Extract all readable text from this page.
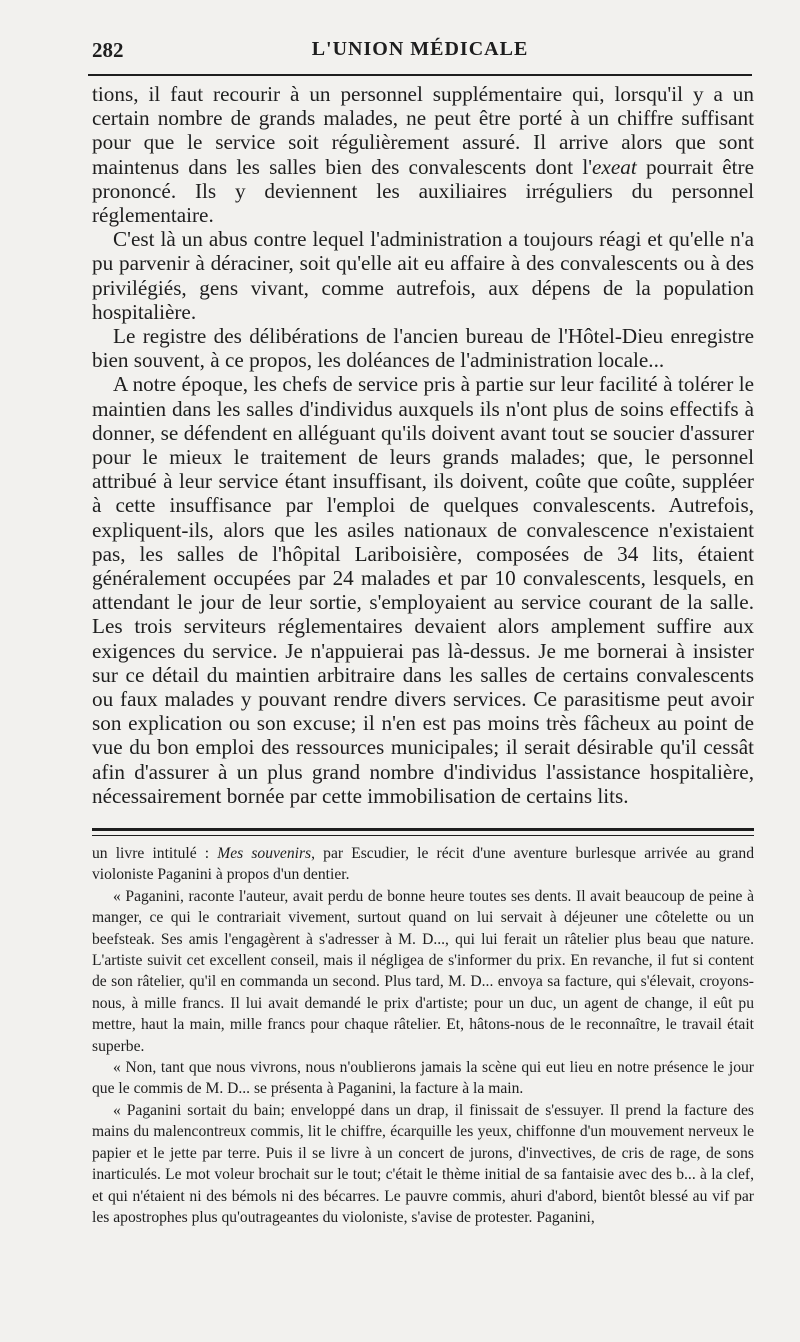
282	L'UNION MÉDICALE

tions, il faut recourir à un personnel supplémentaire qui, lorsqu'il y a un certain nombre de grands malades, ne peut être porté à un chiffre suffisant pour que le service soit régulièrement assuré. Il arrive alors que sont maintenus dans les salles bien des convalescents dont l'exeat pourrait être prononcé. Ils y deviennent les auxiliaires irréguliers du personnel réglementaire.

C'est là un abus contre lequel l'administration a toujours réagi et qu'elle n'a pu parvenir à déraciner, soit qu'elle ait eu affaire à des convalescents ou à des privilégiés, gens vivant, comme autrefois, aux dépens de la population hospitalière.

Le registre des délibérations de l'ancien bureau de l'Hôtel-Dieu enregistre bien souvent, à ce propos, les doléances de l'administration locale...

A notre époque, les chefs de service pris à partie sur leur facilité à tolérer le maintien dans les salles d'individus auxquels ils n'ont plus de soins effectifs à donner, se défendent en alléguant qu'ils doivent avant tout se soucier d'assurer pour le mieux le traitement de leurs grands malades; que, le personnel attribué à leur service étant insuffisant, ils doivent, coûte que coûte, suppléer à cette insuffisance par l'emploi de quelques convalescents. Autrefois, expliquent-ils, alors que les asiles nationaux de convalescence n'existaient pas, les salles de l'hôpital Lariboisière, composées de 34 lits, étaient généralement occupées par 24 malades et par 10 convalescents, lesquels, en attendant le jour de leur sortie, s'employaient au service courant de la salle. Les trois serviteurs réglementaires devaient alors amplement suffire aux exigences du service. Je n'appuierai pas là-dessus. Je me bornerai à insister sur ce détail du maintien arbitraire dans les salles de certains convalescents ou faux malades y pouvant rendre divers services. Ce parasitisme peut avoir son explication ou son excuse; il n'en est pas moins très fâcheux au point de vue du bon emploi des ressources municipales; il serait désirable qu'il cessât afin d'assurer à un plus grand nombre d'individus l'assistance hospitalière, nécessairement bornée par cette immobilisation de certains lits.

un livre intitulé : Mes souvenirs, par Escudier, le récit d'une aventure burlesque arrivée au grand violoniste Paganini à propos d'un dentier.

« Paganini, raconte l'auteur, avait perdu de bonne heure toutes ses dents. Il avait beaucoup de peine à manger, ce qui le contrariait vivement, surtout quand on lui servait à déjeuner une côtelette ou un beefsteak. Ses amis l'engagèrent à s'adresser à M. D..., qui lui ferait un râtelier plus beau que nature. L'artiste suivit cet excellent conseil, mais il négligea de s'informer du prix. En revanche, il fut si content de son râtelier, qu'il en commanda un second. Plus tard, M. D... envoya sa facture, qui s'élevait, croyons-nous, à mille francs. Il lui avait demandé le prix d'artiste; pour un duc, un agent de change, il eût pu mettre, haut la main, mille francs pour chaque râtelier. Et, hâtons-nous de le reconnaître, le travail était superbe.

« Non, tant que nous vivrons, nous n'oublierons jamais la scène qui eut lieu en notre présence le jour que le commis de M. D... se présenta à Paganini, la facture à la main.

« Paganini sortait du bain; enveloppé dans un drap, il finissait de s'essuyer. Il prend la facture des mains du malencontreux commis, lit le chiffre, écarquille les yeux, chiffonne d'un mouvement nerveux le papier et le jette par terre. Puis il se livre à un concert de jurons, d'invectives, de cris de rage, de sons inarticulés. Le mot voleur brochait sur le tout; c'était le thème initial de sa fantaisie avec des b... à la clef, et qui n'étaient ni des bémols ni des bécarres. Le pauvre commis, ahuri d'abord, bientôt blessé au vif par les apostrophes plus qu'outrageantes du violoniste, s'avise de protester. Paganini,
